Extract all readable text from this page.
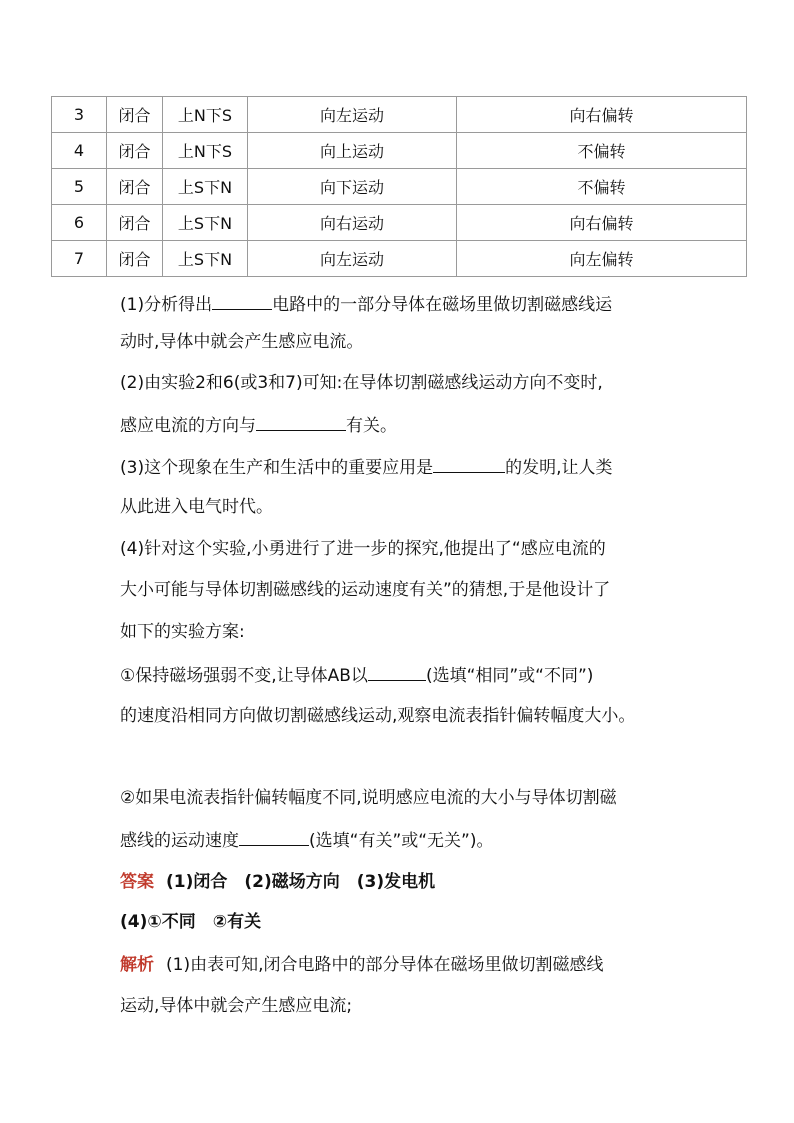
3	闭合	上N下S	向左运动	向右偏转
4	闭合	上N下S	向上运动	不偏转
5	闭合	上S下N	向下运动	不偏转
6	闭合	上S下N	向右运动	向右偏转
7	闭合	上S下N	向左运动	向左偏转
(1)分析得出	电路中的一部分导体在磁场里做切割磁感线运
动时,导体中就会产生感应电流。
(2)由实验2和6(或3和7)可知:在导体切割磁感线运动方向不变时,
感应电流的方向与	有关。
(3)这个现象在生产和生活中的重要应用是	的发明,让人类
从此进入电气时代。
(4)针对这个实验,小勇进行了进一步的探究,他提出了“感应电流的
大小可能与导体切割磁感线的运动速度有关”的猜想,于是他设计了
如下的实验方案:
①保持磁场强弱不变,让导体AB以	(选填“相同”或“不同”)
的速度沿相同方向做切割磁感线运动,观察电流表指针偏转幅度大小。
②如果电流表指针偏转幅度不同,说明感应电流的大小与导体切割磁
感线的运动速度	(选填“有关”或“无关”)。
答案 (1)闭合　(2)磁场方向　(3)发电机
(4)①不同　②有关
解析 (1)由表可知,闭合电路中的部分导体在磁场里做切割磁感线
运动,导体中就会产生感应电流;
